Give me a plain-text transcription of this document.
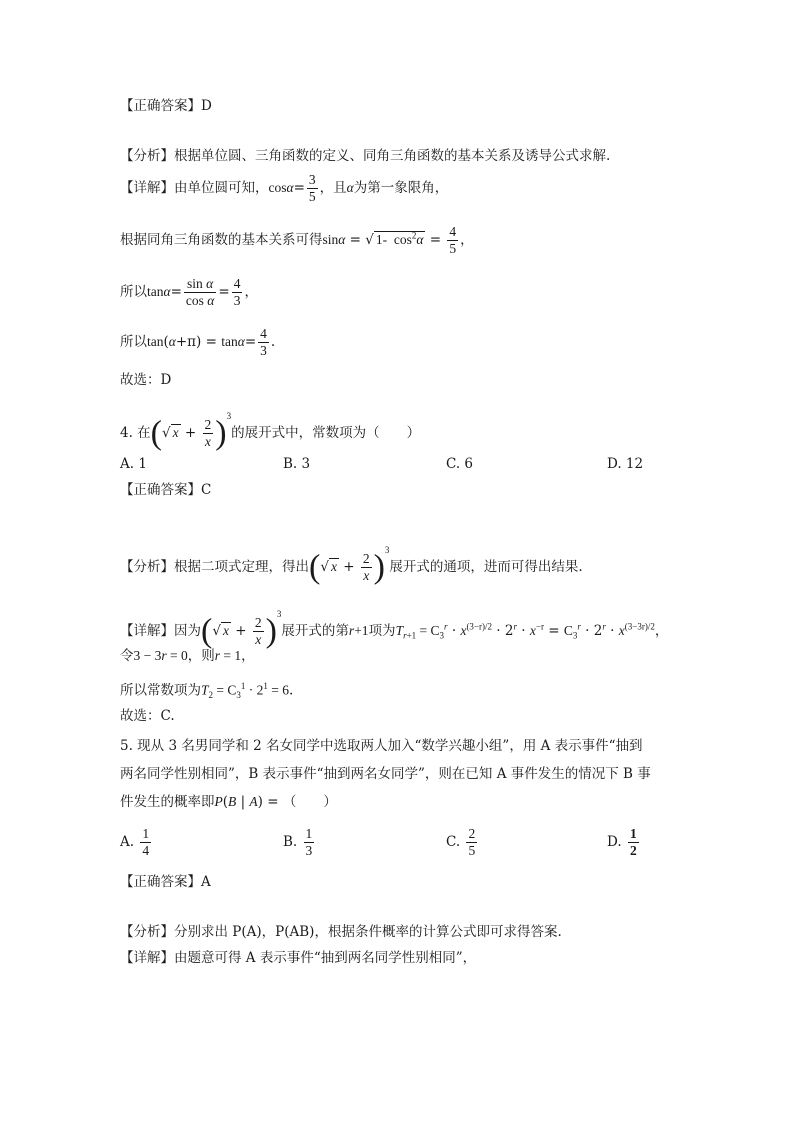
【正确答案】D
【分析】根据单位圆、三角函数的定义、同角三角函数的基本关系及诱导公式求解.
【详解】由单位圆可知，$\cos\alpha= \frac{3}{5}$ ，且α为第一象限角，
根据同角三角函数的基本关系可得sinα = √ 1-  $\cos^2\alpha = \frac{4}{5}$ ，
所以$\tan\alpha= \frac{\text{sin α}}{\text{cos α}} = \frac{4}{3}$ ，
所以$\tan(\alpha+\pi) = \tan\alpha= \frac{4}{3}$ .
故选：D
4. 在(√ $x + \frac{2}{x} )^3$的展开式中，常数项为（　　）
A. 1	B. 3	C. 6	D. 12
【正确答案】C
【分析】根据二项式定理，得出(√ $x + \frac{2}{x} )^3$展开式的通项，进而可得出结果.
【详解】因为(√ $x + \frac{2}{x} )^3$展开式的第r+1项为$T_{r+1} = C_3^r \cdot x^{(3-r)/2} \cdot 2^r \cdot x^{-r} = C_3^r \cdot 2^r \cdot x^{(3-3r)/2}$，
令3 − 3r = 0，则r = 1，
所以常数项为$T_2 = C_3^1 \cdot 2^1 = 6$.
故选：C.
5. 现从 3 名男同学和 2 名女同学中选取两人加入“数学兴趣小组”，用 A 表示事件“抽到
两名同学性别相同”，B 表示事件“抽到两名女同学”，则在已知 A 事件发生的情况下 B 事
件发生的概率即P(B | A) = （　　）
A. $\frac{1}{4}$	B. $\frac{1}{3}$	C. $\frac{2}{5}$	D. $\frac{1}{2}$
【正确答案】A
【分析】分别求出 P(A)，P(AB)，根据条件概率的计算公式即可求得答案.
【详解】由题意可得 A 表示事件“抽到两名同学性别相同”，
